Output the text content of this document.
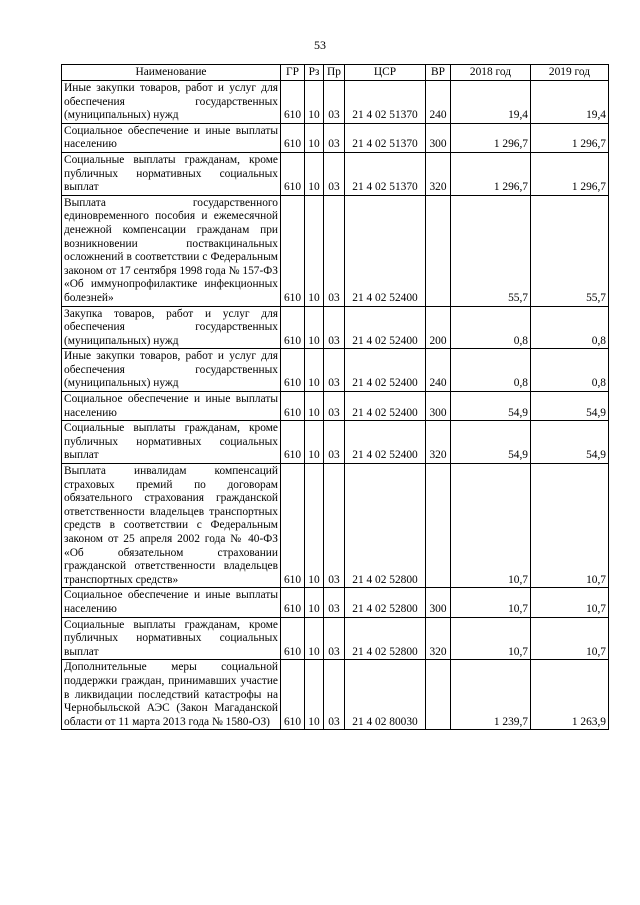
53
Наименование	ГР	Рз	Пр	ЦСР	ВР	2018 год	2019 год
Иные закупки товаров, работ и услуг для обеспечения государственных (муниципальных) нужд	610	10	03	21 4 02 51370	240	19,4	19,4
Социальное обеспечение и иные выплаты населению	610	10	03	21 4 02 51370	300	1 296,7	1 296,7
Социальные выплаты гражданам, кроме публичных нормативных социальных выплат	610	10	03	21 4 02 51370	320	1 296,7	1 296,7
Выплата государственного единовременного пособия и ежемесячной денежной компенсации гражданам при возникновении поствакцинальных осложнений в соответствии с Федеральным законом от 17 сентября 1998 года № 157-ФЗ «Об иммунопрофилактике инфекционных болезней»	610	10	03	21 4 02 52400		55,7	55,7
Закупка товаров, работ и услуг для обеспечения государственных (муниципальных) нужд	610	10	03	21 4 02 52400	200	0,8	0,8
Иные закупки товаров, работ и услуг для обеспечения государственных (муниципальных) нужд	610	10	03	21 4 02 52400	240	0,8	0,8
Социальное обеспечение и иные выплаты населению	610	10	03	21 4 02 52400	300	54,9	54,9
Социальные выплаты гражданам, кроме публичных нормативных социальных выплат	610	10	03	21 4 02 52400	320	54,9	54,9
Выплата инвалидам компенсаций страховых премий по договорам обязательного страхования гражданской ответственности владельцев транспортных средств в соответствии с Федеральным законом от 25 апреля 2002 года № 40-ФЗ «Об обязательном страховании гражданской ответственности владельцев транспортных средств»	610	10	03	21 4 02 52800		10,7	10,7
Социальное обеспечение и иные выплаты населению	610	10	03	21 4 02 52800	300	10,7	10,7
Социальные выплаты гражданам, кроме публичных нормативных социальных выплат	610	10	03	21 4 02 52800	320	10,7	10,7
Дополнительные меры социальной поддержки граждан, принимавших участие в ликвидации последствий катастрофы на Чернобыльской АЭС (Закон Магаданской области от 11 марта 2013 года № 1580-ОЗ)	610	10	03	21 4 02 80030		1 239,7	1 263,9
